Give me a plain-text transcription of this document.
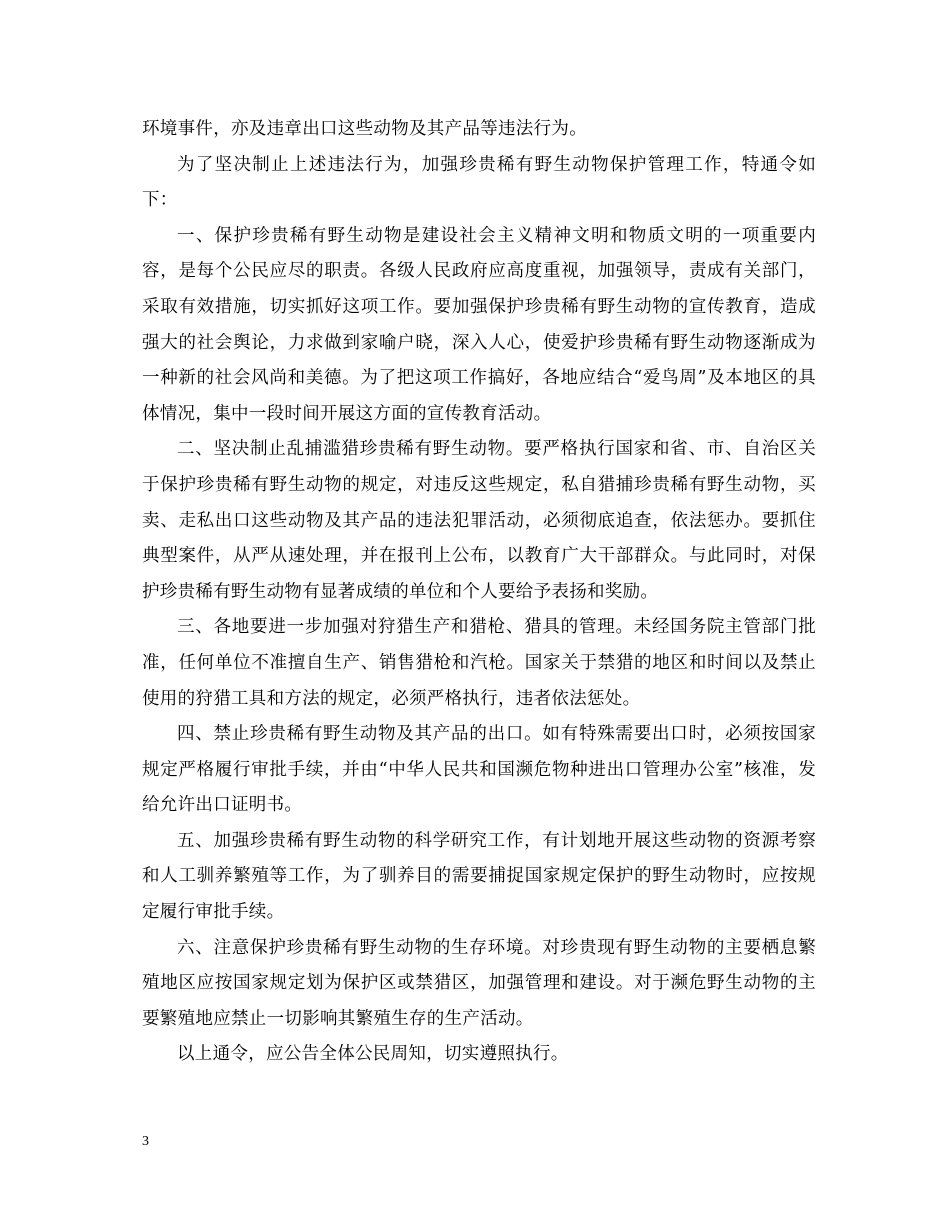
环境事件，亦及违章出口这些动物及其产品等违法行为。

为了坚决制止上述违法行为，加强珍贵稀有野生动物保护管理工作，特通令如下：

一、保护珍贵稀有野生动物是建设社会主义精神文明和物质文明的一项重要内容，是每个公民应尽的职责。各级人民政府应高度重视，加强领导，责成有关部门，采取有效措施，切实抓好这项工作。要加强保护珍贵稀有野生动物的宣传教育，造成强大的社会舆论，力求做到家喻户晓，深入人心，使爱护珍贵稀有野生动物逐渐成为一种新的社会风尚和美德。为了把这项工作搞好，各地应结合“爱鸟周”及本地区的具体情况，集中一段时间开展这方面的宣传教育活动。

二、坚决制止乱捕滥猎珍贵稀有野生动物。要严格执行国家和省、市、自治区关于保护珍贵稀有野生动物的规定，对违反这些规定，私自猎捕珍贵稀有野生动物，买卖、走私出口这些动物及其产品的违法犯罪活动，必须彻底追查，依法惩办。要抓住典型案件，从严从速处理，并在报刊上公布，以教育广大干部群众。与此同时，对保护珍贵稀有野生动物有显著成绩的单位和个人要给予表扬和奖励。

三、各地要进一步加强对狩猎生产和猎枪、猎具的管理。未经国务院主管部门批准，任何单位不准擅自生产、销售猎枪和汽枪。国家关于禁猎的地区和时间以及禁止使用的狩猎工具和方法的规定，必须严格执行，违者依法惩处。

四、禁止珍贵稀有野生动物及其产品的出口。如有特殊需要出口时，必须按国家规定严格履行审批手续，并由“中华人民共和国濒危物种进出口管理办公室”核准，发给允许出口证明书。

五、加强珍贵稀有野生动物的科学研究工作，有计划地开展这些动物的资源考察和人工驯养繁殖等工作，为了驯养目的需要捕捉国家规定保护的野生动物时，应按规定履行审批手续。

六、注意保护珍贵稀有野生动物的生存环境。对珍贵现有野生动物的主要栖息繁殖地区应按国家规定划为保护区或禁猎区，加强管理和建设。对于濒危野生动物的主要繁殖地应禁止一切影响其繁殖生存的生产活动。

以上通令，应公告全体公民周知，切实遵照执行。

3
